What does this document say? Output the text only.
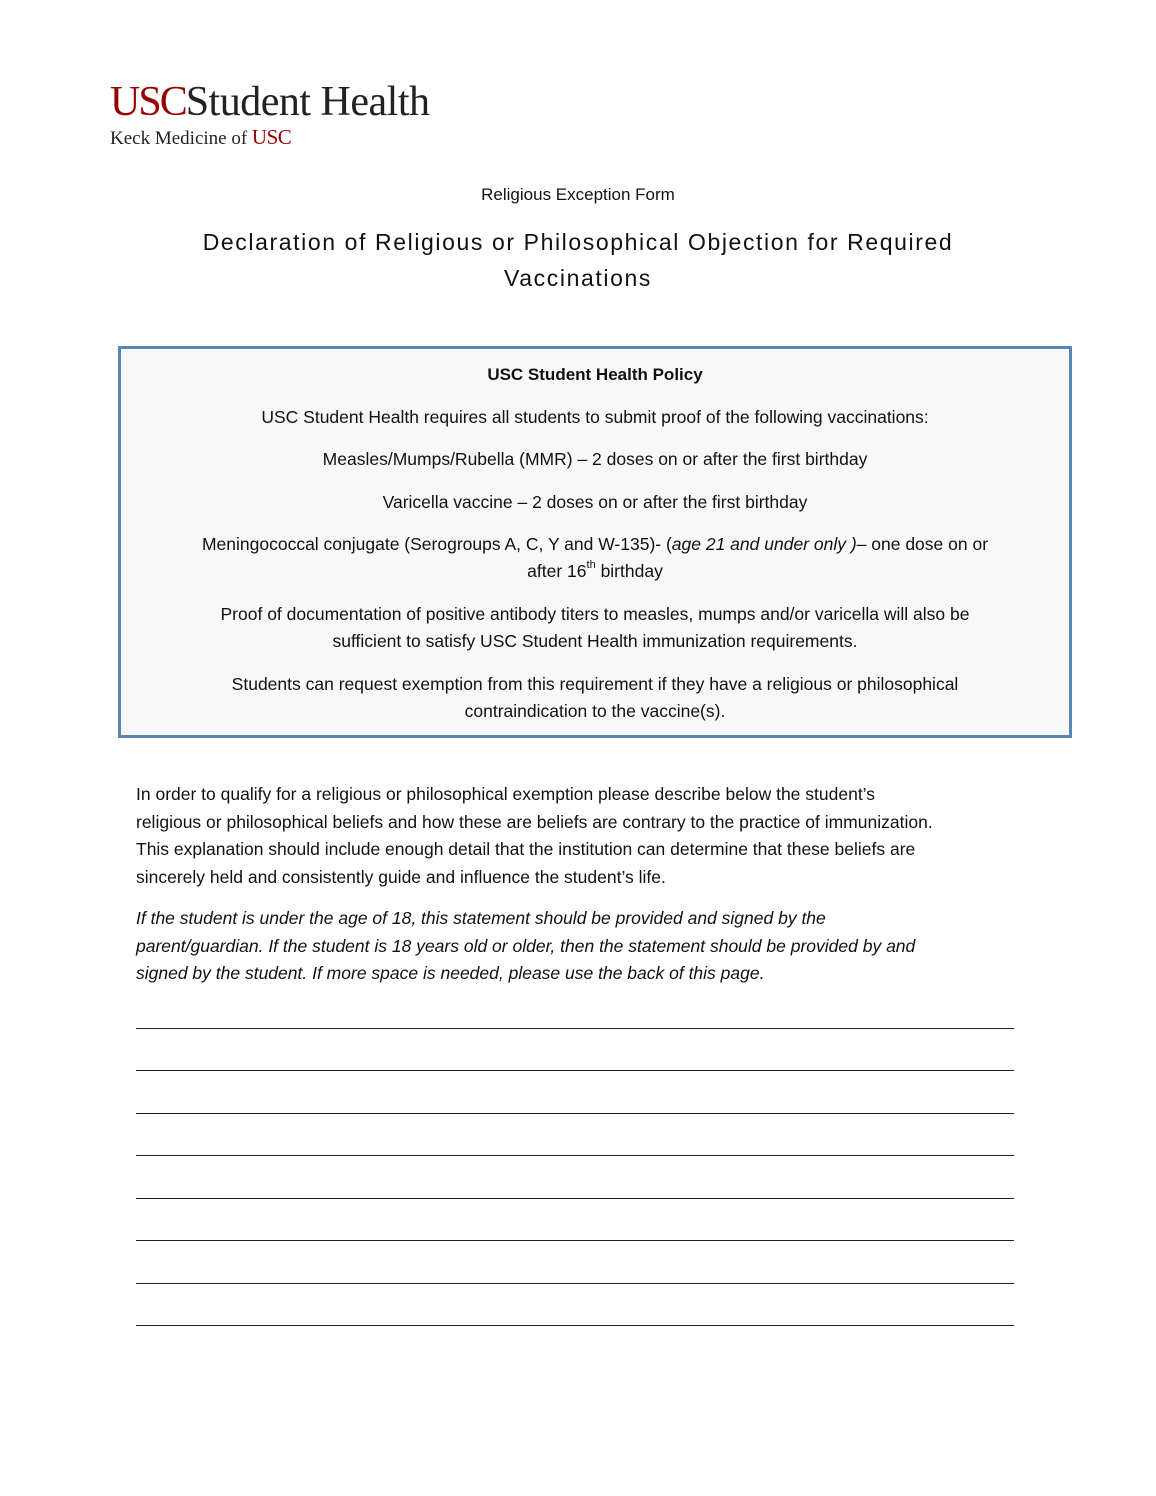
USCStudent Health
Keck Medicine of USC
Religious Exception Form
Declaration of Religious or Philosophical Objection for Required
Vaccinations
USC Student Health Policy
USC Student Health requires all students to submit proof of the following vaccinations:
Measles/Mumps/Rubella (MMR) – 2 doses on or after the first birthday
Varicella vaccine – 2 doses on or after the first birthday
Meningococcal conjugate (Serogroups A, C, Y and W-135)- (age 21 and under only )– one dose on or
after 16th birthday
Proof of documentation of positive antibody titers to measles, mumps and/or varicella will also be
sufficient to satisfy USC Student Health immunization requirements.
Students can request exemption from this requirement if they have a religious or philosophical
contraindication to the vaccine(s).
In order to qualify for a religious or philosophical exemption please describe below the student’s
religious or philosophical beliefs and how these are beliefs are contrary to the practice of immunization.
This explanation should include enough detail that the institution can determine that these beliefs are
sincerely held and consistently guide and influence the student’s life.
If the student is under the age of 18, this statement should be provided and signed by the
parent/guardian. If the student is 18 years old or older, then the statement should be provided by and
signed by the student. If more space is needed, please use the back of this page.
